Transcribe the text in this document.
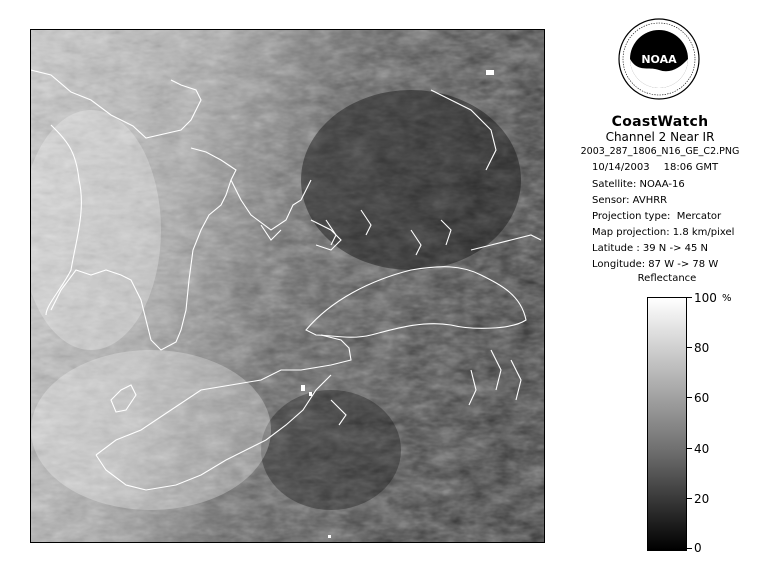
NOAA
CoastWatch
Channel 2 Near IR
2003_287_1806_N16_GE_C2.PNG
10/14/2003 18:06 GMT
Satellite: NOAA-16
Sensor: AVHRR
Projection type: Mercator
Map projection: 1.8 km/pixel
Latitude : 39 N -> 45 N
Longitude: 87 W -> 78 W
Reflectance
%
100
80
60
40
20
0
